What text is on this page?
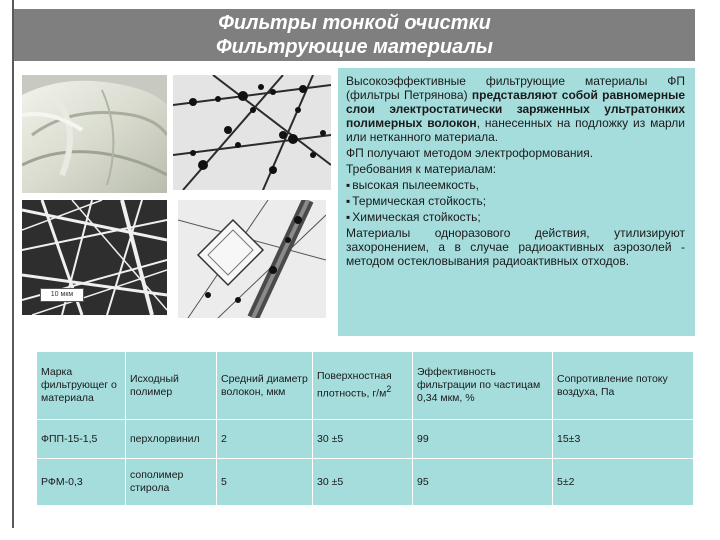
Фильтры тонкой очистки
Фильтрующие материалы
10 мкм

Высокоэффективные фильтрующие материалы ФП (фильтры Петрянова) представляют собой равномерные слои электростатически заряженных ультратонких полимерных волокон, нанесенных на подложку из марли или нетканного материала.

ФП получают методом электроформования.

Требования к материалам:

▪ высокая пылеемкость,
▪ Термическая стойкость;
▪ Химическая стойкость;

Материалы одноразового действия, утилизируют захоронением, а в случае радиоактивных аэрозолей - методом остекловывания радиоактивных отходов.

Марка фильтрующег о материала	Исходный полимер	Средний диаметр волокон, мкм	Поверхностная плотность, $г/м^2$	Эффективность фильтрации по частицам 0,34 мкм, %	Сопротивление потоку воздуха, Па
ФПП-15-1,5	перхлорвинил	2	30 ±5	99	15±3
РФМ-0,3	сополимер стирола	5	30 ±5	95	5±2
